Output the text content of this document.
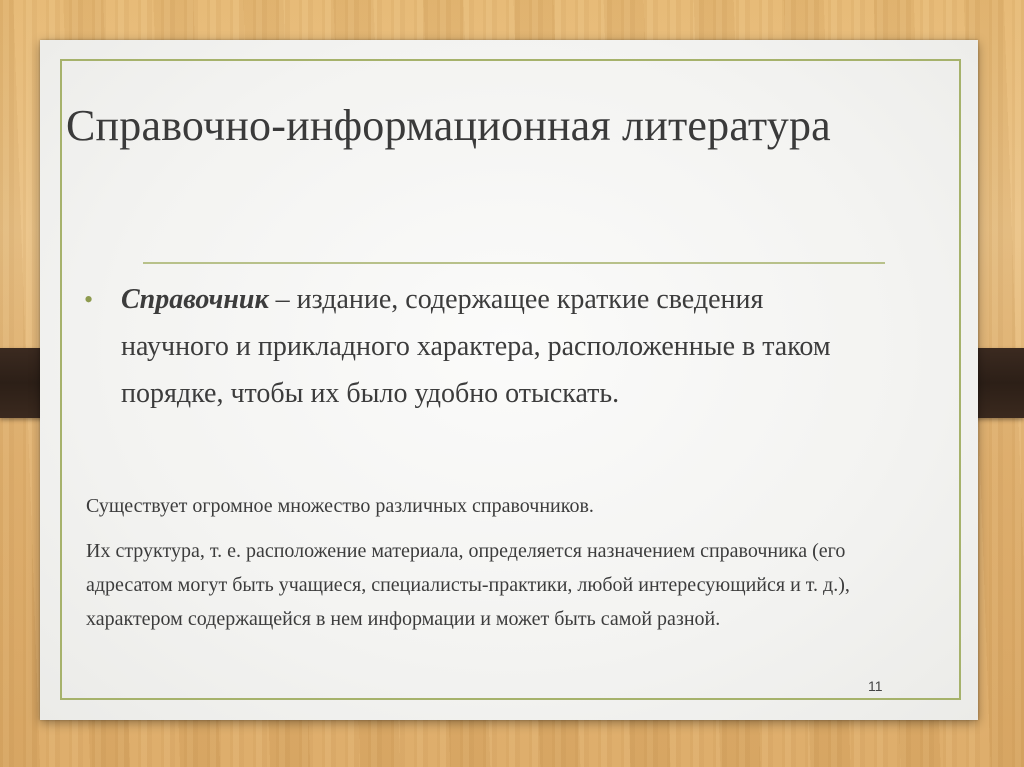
Справочно-информационная литература
• Справочник – издание, содержащее краткие сведения научного и прикладного характера, расположенные в таком порядке, чтобы их было удобно отыскать.

Существует огромное множество различных справочников.

Их структура, т. е. расположение материала, определяется назначением справочника (его адресатом могут быть учащиеся, специалисты-практики, любой интересующийся и т. д.), характером содержащейся в нем информации и может быть самой разной.

11
